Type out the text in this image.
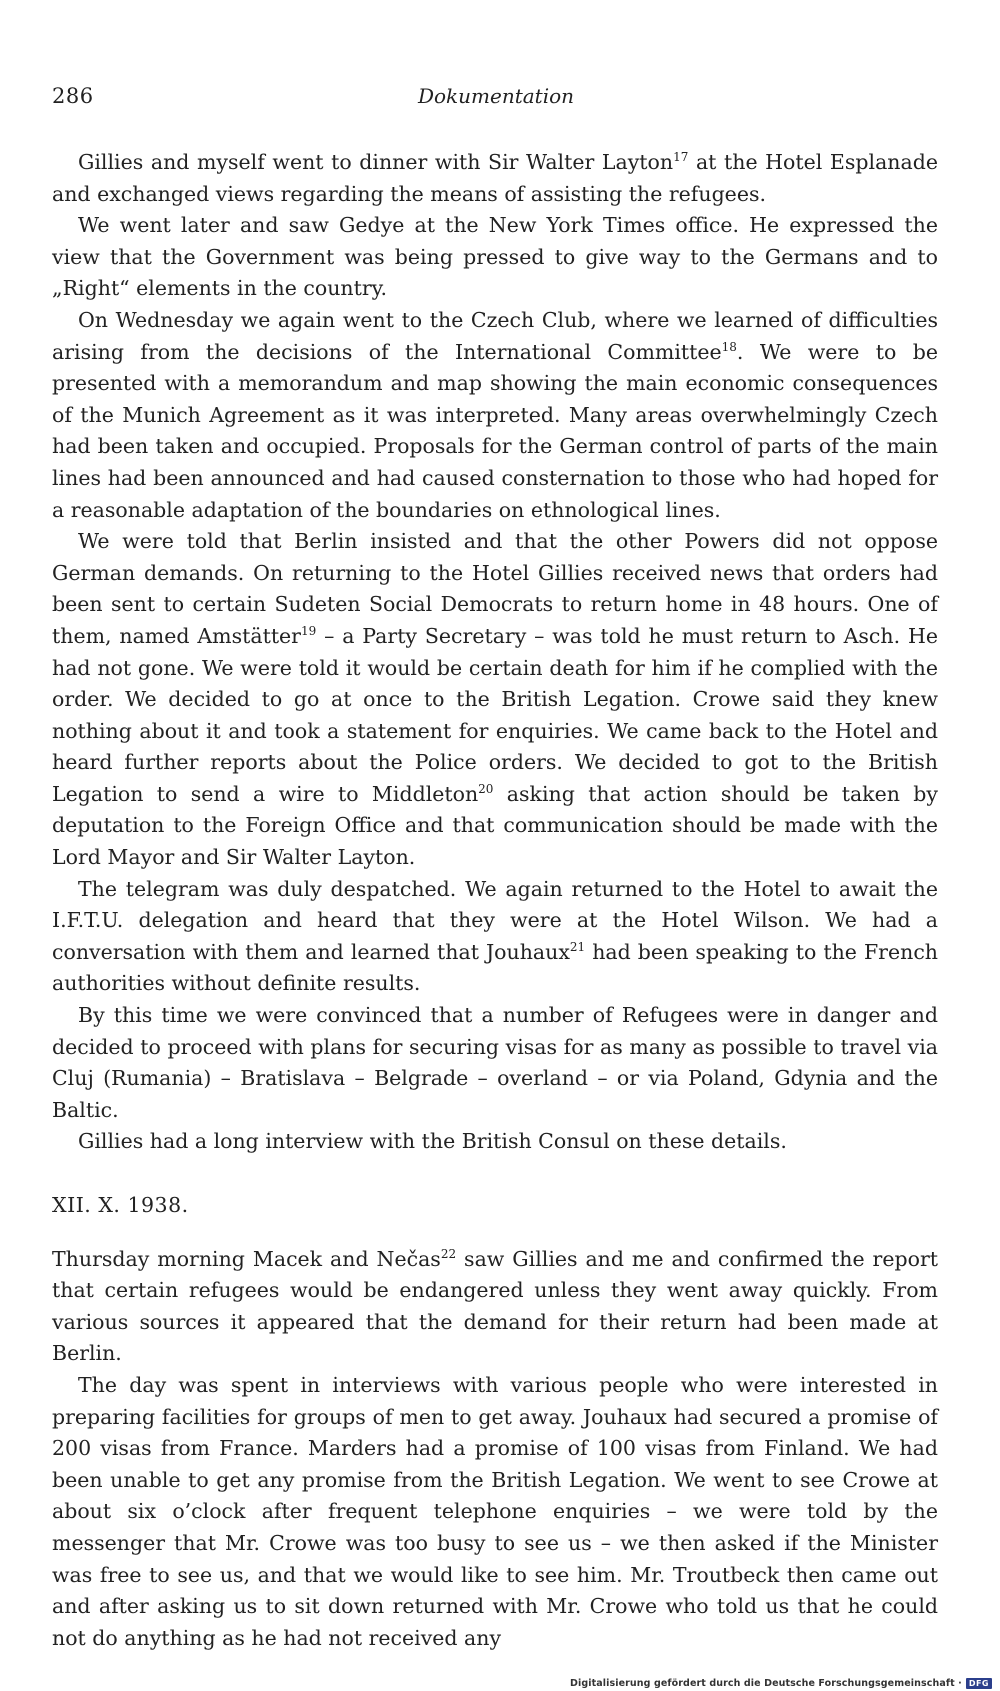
286	Dokumentation

Gillies and myself went to dinner with Sir Walter Layton$^{17}$ at the Hotel Esplanade and exchanged views regarding the means of assisting the refugees.

We went later and saw Gedye at the New York Times office. He expressed the view that the Government was being pressed to give way to the Germans and to „Right“ elements in the country.

On Wednesday we again went to the Czech Club, where we learned of difficulties arising from the decisions of the International Committee$^{18}$. We were to be presented with a memorandum and map showing the main economic consequences of the Munich Agreement as it was interpreted. Many areas overwhelmingly Czech had been taken and occupied. Proposals for the German control of parts of the main lines had been announced and had caused consternation to those who had hoped for a reasonable adaptation of the boundaries on ethnological lines.

We were told that Berlin insisted and that the other Powers did not oppose German demands. On returning to the Hotel Gillies received news that orders had been sent to certain Sudeten Social Democrats to return home in 48 hours. One of them, named Amstätter$^{19}$ – a Party Secretary – was told he must return to Asch. He had not gone. We were told it would be certain death for him if he complied with the order. We decided to go at once to the British Legation. Crowe said they knew nothing about it and took a statement for enquiries. We came back to the Hotel and heard further reports about the Police orders. We decided to got to the British Legation to send a wire to Middleton$^{20}$ asking that action should be taken by deputation to the Foreign Office and that communication should be made with the Lord Mayor and Sir Walter Layton.

The telegram was duly despatched. We again returned to the Hotel to await the I.F.T.U. delegation and heard that they were at the Hotel Wilson. We had a conversation with them and learned that Jouhaux$^{21}$ had been speaking to the French authorities without definite results.

By this time we were convinced that a number of Refugees were in danger and decided to proceed with plans for securing visas for as many as possible to travel via Cluj (Rumania) – Bratislava – Belgrade – overland – or via Poland, Gdynia and the Baltic.

Gillies had a long interview with the British Consul on these details.

XII. X. 1938.

Thursday morning Macek and Nečas$^{22}$ saw Gillies and me and confirmed the report that certain refugees would be endangered unless they went away quickly. From various sources it appeared that the demand for their return had been made at Berlin.

The day was spent in interviews with various people who were interested in preparing facilities for groups of men to get away. Jouhaux had secured a promise of 200 visas from France. Marders had a promise of 100 visas from Finland. We had been unable to get any promise from the British Legation. We went to see Crowe at about six o’clock after frequent telephone enquiries – we were told by the messenger that Mr. Crowe was too busy to see us – we then asked if the Minister was free to see us, and that we would like to see him. Mr. Troutbeck then came out and after asking us to sit down returned with Mr. Crowe who told us that he could not do anything as he had not received any

Digitalisierung gefördert durch die Deutsche Forschungsgemeinschaft · DFG
